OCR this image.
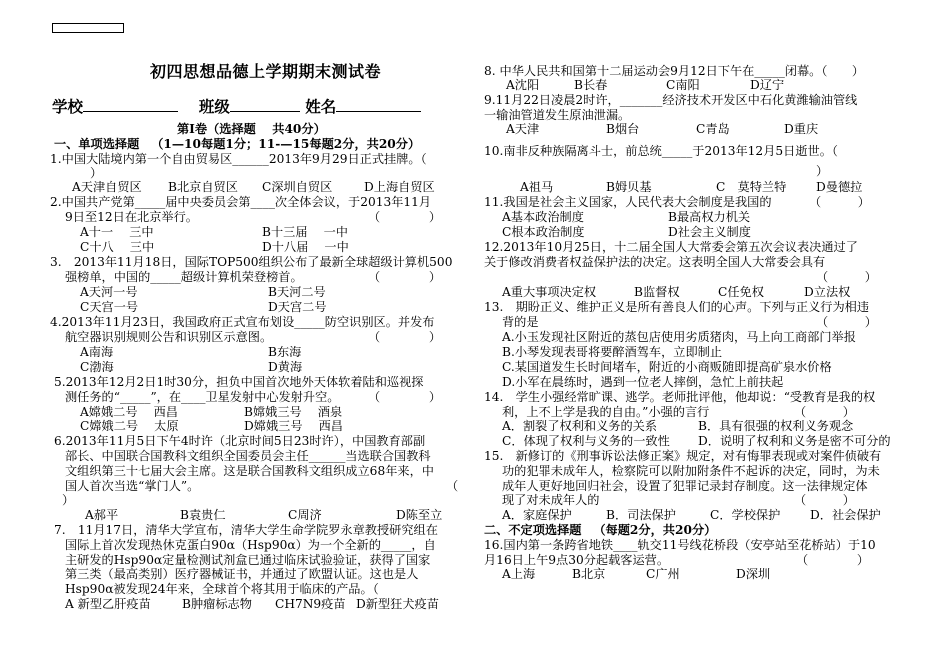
初四思想品德上学期期末测试卷
学校	班级	姓名
第Ⅰ卷（选择题　 共40分）
一、单项选择题 （1—10每题1分；11-—15每题2分，共20分）
1.中国大陆境内第一个自由贸易区______2013年9月29日正式挂牌。（
）
A天津自贸区 B北京自贸区 C深圳自贸区	D上海自贸区
2.中国共产党第_____届中央委员会第____次全体会议，于2013年11月
9日至12日在北京举行。	（　　　　）
A十一　 三中	B十三届　 一中
C十八　 三中	D十八届　 一中
3.　2013年11月18日，国际TOP500组织公布了最新全球超级计算机500
强榜单，中国的_____超级计算机荣登榜首。	（　　　　）
A天河一号	B天河二号
C天宫一号	D天宫二号
4.2013年11月23日，我国政府正式宣布划设_____防空识别区。并发布
航空器识别规则公告和识别区示意图。	（　　　　）
A南海	B东海
C渤海	D黄海
5.2013年12月2日1时30分，担负中国首次地外天体软着陆和巡视探
测任务的“_____”，在____卫星发射中心发射升空。 （　　　　）
A嫦娥二号　 西昌	B嫦娥三号　 酒泉
C嫦娥二号　 太原	D嫦娥三号　 西昌
6.2013年11月5日下午4时许（北京时间5日23时许），中国教育部副
部长、中国联合国教科文组织全国委员会主任______当选联合国教科
文组织第三十七届大会主席。这是联合国教科文组织成立68年来，中
国人首次当选“掌门人”。	（
）
A郝平	B袁贵仁	C周济	D陈至立
7.　11月17日，清华大学宣布，清华大学生命学院罗永章教授研究组在
国际上首次发现热休克蛋白90α（Hsp90α）为一个全新的_____，自
主研发的Hsp90α定量检测试剂盒已通过临床试验验证，获得了国家
第三类（最高类别）医疗器械证书，并通过了欧盟认证。这也是人
Hsp90α被发现24年来，全球首个将其用于临床的产品。（
A 新型乙肝疫苗	B肿瘤标志物 CH7N9疫苗 D新型狂犬疫苗
8. 中华人民共和国第十二届运动会9月12日下午在_____闭幕。（　　）
A沈阳	B长春	C南阳	D辽宁
9.11月22日凌晨2时许，_______经济技术开发区中石化黄潍输油管线
一输油管道发生原油泄漏。
A天津	B烟台	C青岛	D重庆
10.南非反种族隔离斗士，前总统_____于2013年12月5日逝世。（
）
A祖马	B姆贝基	C　莫特兰特 D曼德拉
11.我国是社会主义国家，人民代表大会制度是我国的	（　　　）
A基本政治制度	B最高权力机关
C根本政治制度	D社会主义制度
12.2013年10月25日，十二届全国人大常委会第五次会议表决通过了
关于修改消费者权益保护法的决定。这表明全国人大常委会具有
（　　　）
A重大事项决定权	B监督权	C任免权	D立法权
13.　期盼正义、维护正义是所有善良人们的心声。下列与正义行为相违
背的是	（　　　）
A.小玉发现社区附近的蒸包店使用劣质猪肉，马上向工商部门举报
B.小琴发现表哥将要醉酒驾车，立即制止
C.某国道发生长时间堵车，附近的小商贩随即提高矿泉水价格
D.小军在晨练时，遇到一位老人摔倒，急忙上前扶起
14.　学生小强经常旷课、逃学。老师批评他，他却说：“受教育是我的权
利，上不上学是我的自由。”小强的言行	（　　　）
A．割裂了权利和义务的关系	B．具有很强的权利义务观念
C．体现了权利与义务的一致性 D．说明了权利和义务是密不可分的
15.　新修订的《刑事诉讼法修正案》规定，对有悔罪表现或对案件侦破有
功的犯罪未成年人，检察院可以附加附条件不起诉的决定，同时，为未
成年人更好地回归社会，设置了犯罪记录封存制度。这一法律规定体
现了对未成年人的	（　　　）
A．家庭保护	B．司法保护	C．学校保护 D．社会保护
二、不定项选择题 （每题2分，共20分）
16.国内第一条跨省地铁____轨交11号线花桥段（安亭站至花桥站）于10
月16日上午9点30分起载客运营。	（　　　　）
A上海	B北京	C广州	D深圳
